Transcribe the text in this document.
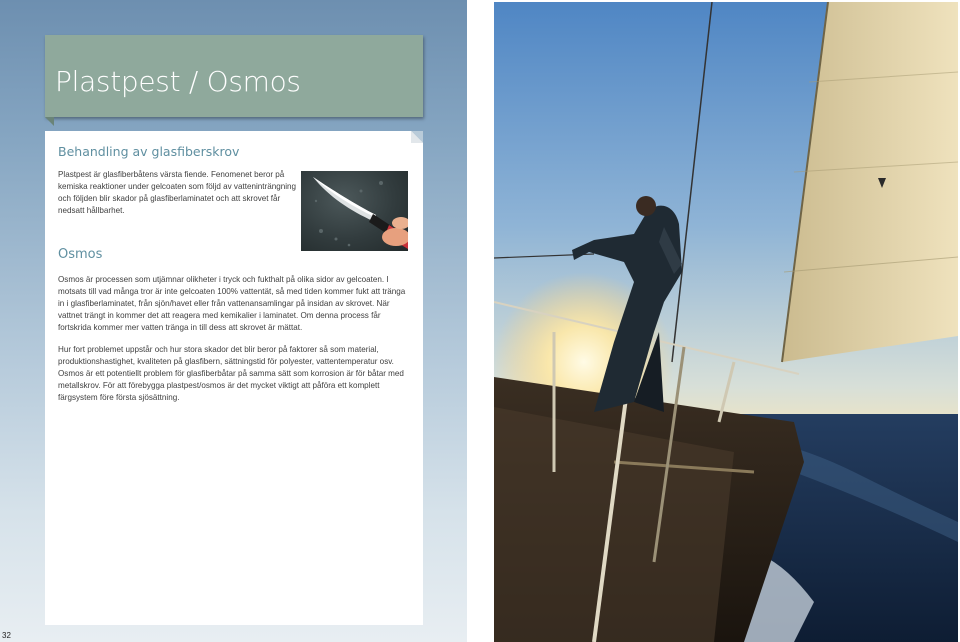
Plastpest / Osmos
Behandling av glasfiberskrov

Plastpest är glasfiberbåtens värsta fiende. Fenomenet beror på kemiska reaktioner under gelcoaten som följd av vatteninträngning och följden blir skador på glasfiberlaminatet och att skrovet får nedsatt hållbarhet.

Osmos

Osmos är processen som utjämnar olikheter i tryck och fukthalt på olika sidor av gelcoaten. I motsats till vad många tror är inte gelcoaten 100% vattentät, så med tiden kommer fukt att tränga in i glasfiberlaminatet, från sjön/havet eller från vattenansamlingar på insidan av skrovet. När vattnet trängt in kommer det att reagera med kemikalier i laminatet. Om denna process får fortskrida kommer mer vatten tränga in till dess att skrovet är mättat.

Hur fort problemet uppstår och hur stora skador det blir beror på faktorer så som material, produktionshastighet, kvaliteten på glasfibern, sättningstid för polyester, vattentemperatur osv. Osmos är ett potentiellt problem för glasfiberbåtar på samma sätt som korrosion är för båtar med metallskrov. För att förebygga plastpest/osmos är det mycket viktigt att påföra ett komplett färgsystem före första sjösättning.

32
